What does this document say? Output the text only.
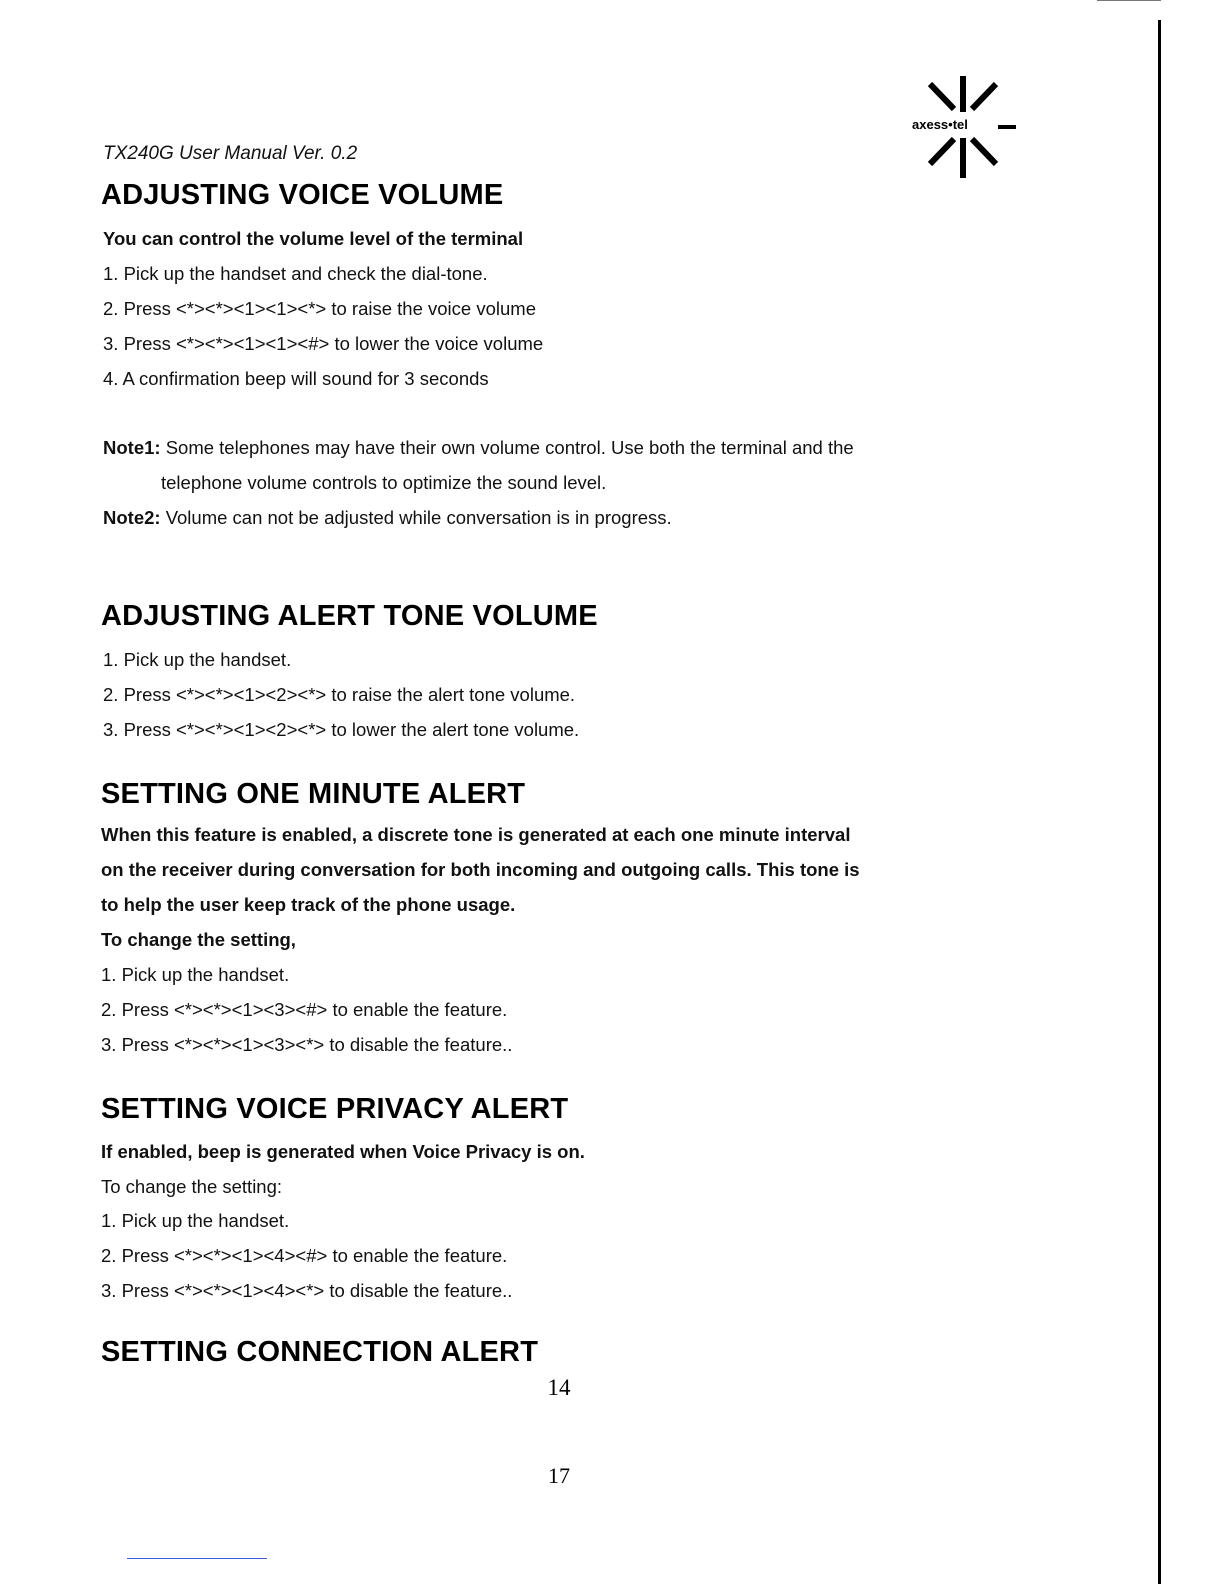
axess•tel
TX240G User Manual Ver. 0.2
ADJUSTING VOICE VOLUME
You can control the volume level of the terminal
1. Pick up the handset and check the dial-tone.
2. Press <*><*><1><1><*> to raise the voice volume
3. Press <*><*><1><1><#> to lower the voice volume
4. A confirmation beep will sound for 3 seconds
Note1: Some telephones may have their own volume control. Use both the terminal and the
telephone volume controls to optimize the sound level.
Note2: Volume can not be adjusted while conversation is in progress.
ADJUSTING ALERT TONE VOLUME
1. Pick up the handset.
2. Press <*><*><1><2><*> to raise the alert tone volume.
3. Press <*><*><1><2><*> to lower the alert tone volume.
SETTING ONE MINUTE ALERT
When this feature is enabled, a discrete tone is generated at each one minute interval
on the receiver during conversation for both incoming and outgoing calls. This tone is
to help the user keep track of the phone usage.
To change the setting,
1. Pick up the handset.
2. Press <*><*><1><3><#> to enable the feature.
3. Press <*><*><1><3><*> to disable the feature..
SETTING VOICE PRIVACY ALERT
If enabled, beep is generated when Voice Privacy is on.
To change the setting:
1. Pick up the handset.
2. Press <*><*><1><4><#> to enable the feature.
3. Press <*><*><1><4><*> to disable the feature..
SETTING CONNECTION ALERT
14
17
